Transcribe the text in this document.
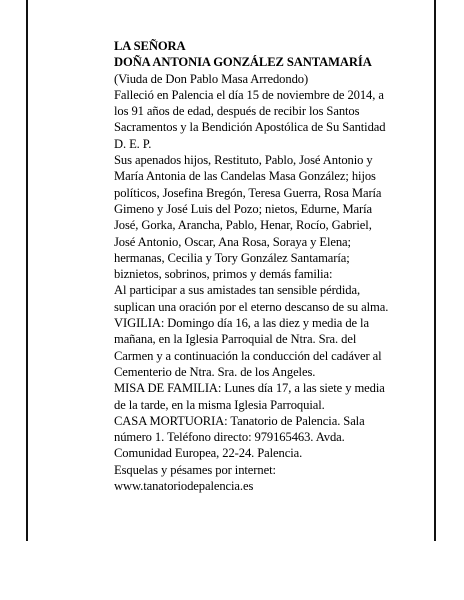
LA SEÑORA
DOÑA ANTONIA GONZÁLEZ SANTAMARÍA
(Viuda de Don Pablo Masa Arredondo)
Falleció en Palencia el día 15 de noviembre de 2014, a
los 91 años de edad, después de recibir los Santos
Sacramentos y la Bendición Apostólica de Su Santidad
D. E. P.
Sus apenados hijos, Restituto, Pablo, José Antonio y
María Antonia de las Candelas Masa González; hijos
políticos, Josefina Bregón, Teresa Guerra, Rosa María
Gimeno y José Luis del Pozo; nietos, Edurne, María
José, Gorka, Arancha, Pablo, Henar, Rocío, Gabriel,
José Antonio, Oscar, Ana Rosa, Soraya y Elena;
hermanas, Cecilia y Tory González Santamaría;
biznietos, sobrinos, primos y demás familia:
Al participar a sus amistades tan sensible pérdida,
suplican una oración por el eterno descanso de su alma.
VIGILIA: Domingo día 16, a las diez y media de la
mañana, en la Iglesia Parroquial de Ntra. Sra. del
Carmen y a continuación la conducción del cadáver al
Cementerio de Ntra. Sra. de los Angeles.
MISA DE FAMILIA: Lunes día 17, a las siete y media
de la tarde, en la misma Iglesia Parroquial.
CASA MORTUORIA: Tanatorio de Palencia. Sala
número 1. Teléfono directo: 979165463. Avda.
Comunidad Europea, 22-24. Palencia.
Esquelas y pésames por internet:
www.tanatoriodepalencia.es
